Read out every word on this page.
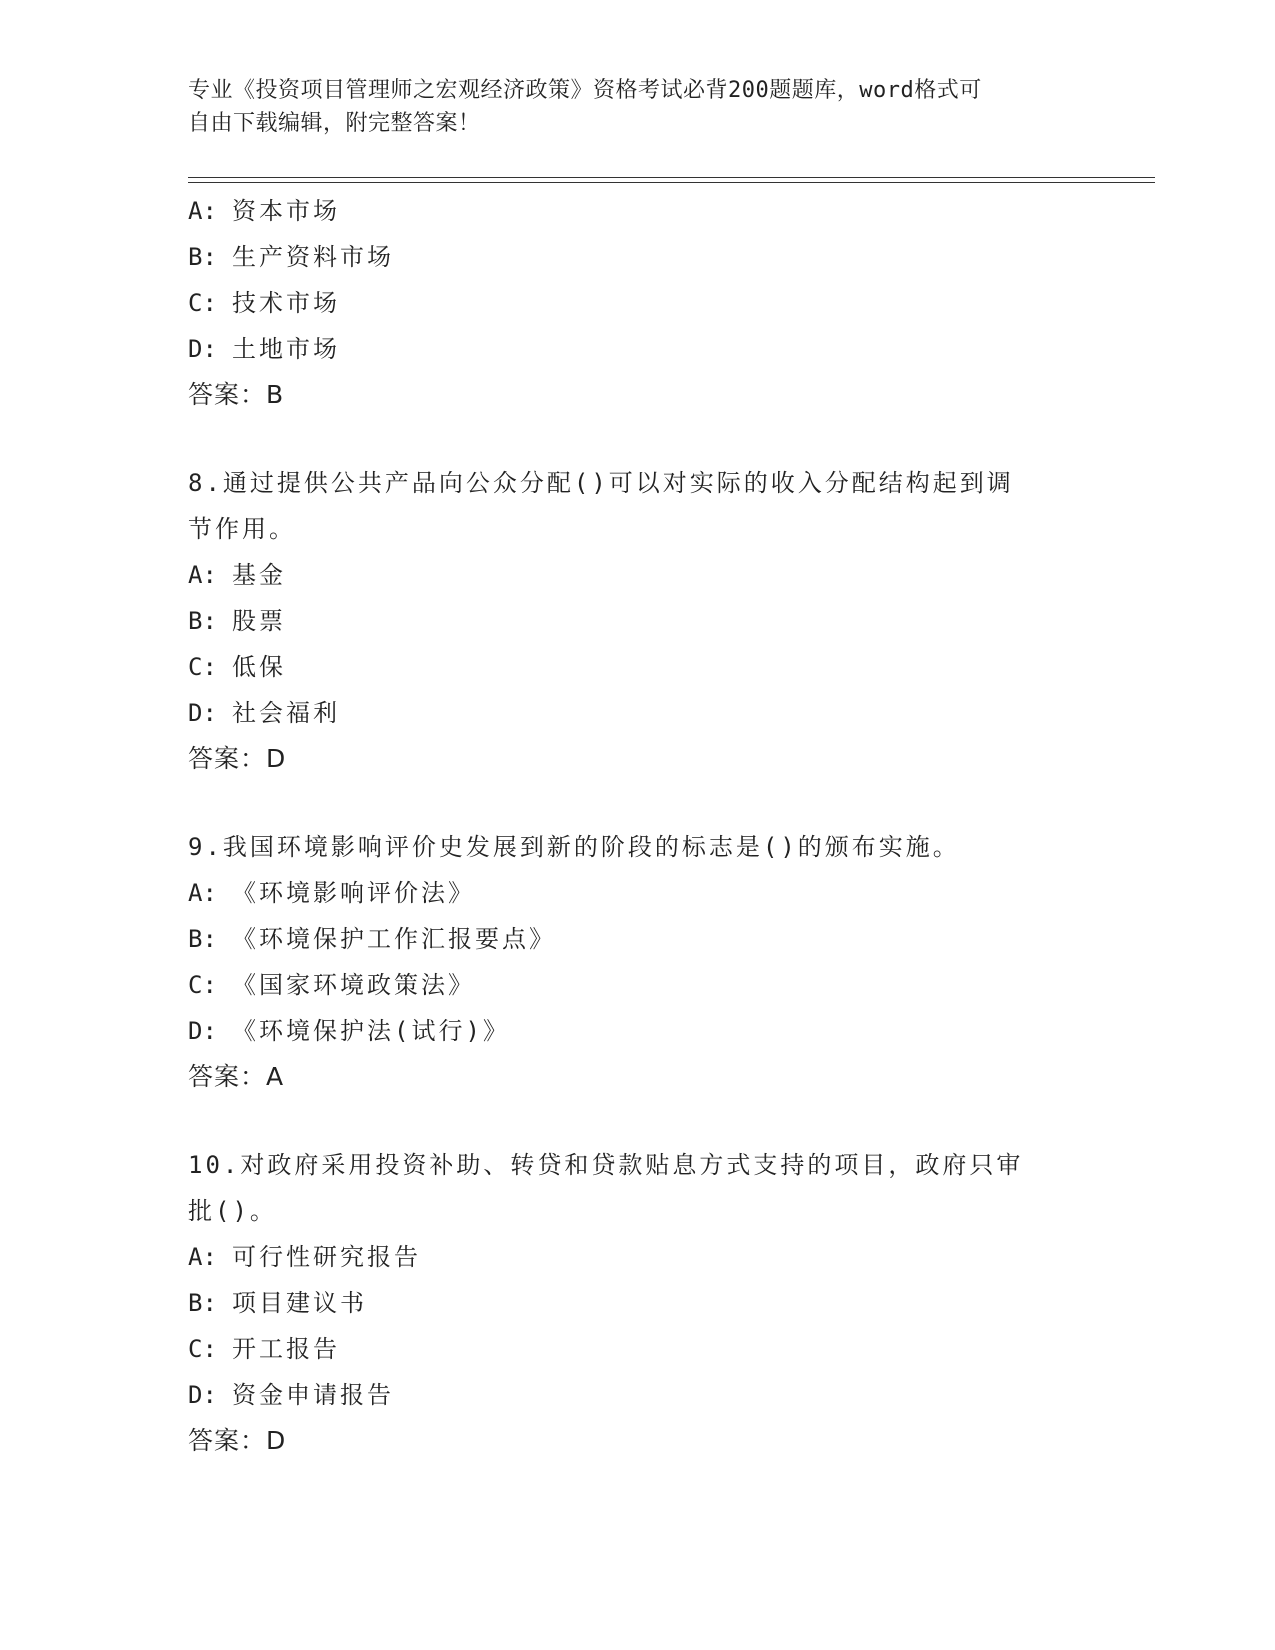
专业《投资项目管理师之宏观经济政策》资格考试必背200题题库，word格式可
自由下载编辑，附完整答案！
A: 资本市场
B: 生产资料市场
C: 技术市场
D: 土地市场
答案：B
8.通过提供公共产品向公众分配()可以对实际的收入分配结构起到调
节作用。
A: 基金
B: 股票
C: 低保
D: 社会福利
答案：D
9.我国环境影响评价史发展到新的阶段的标志是()的颁布实施。
A: 《环境影响评价法》
B: 《环境保护工作汇报要点》
C: 《国家环境政策法》
D: 《环境保护法(试行)》
答案：A
10.对政府采用投资补助、转贷和贷款贴息方式支持的项目，政府只审
批()。
A: 可行性研究报告
B: 项目建议书
C: 开工报告
D: 资金申请报告
答案：D
